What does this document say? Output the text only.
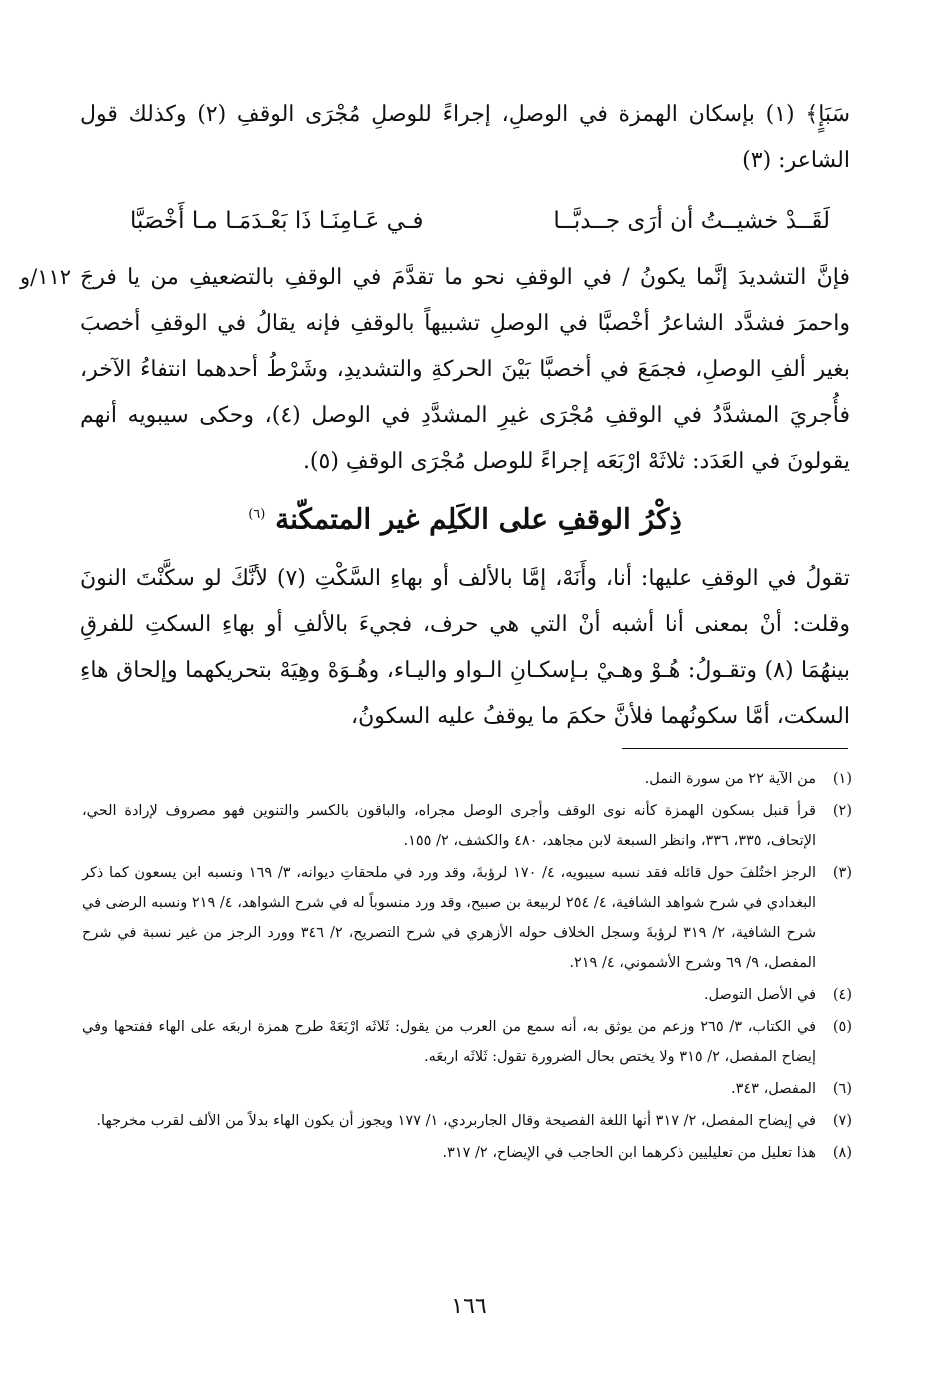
سَبَإٍ﴾ (١) بإسكان الهمزة في الوصلِ، إجراءً للوصلِ مُجْرَى الوقفِ (٢) وكذلك قول الشاعر: (٣)

لَقَــدْ خشيــتُ أن أرَى جــدبَّــا
فـي عَـامِنَـا ذَا بَعْـدَمَـا مـا أَخْصَبَّا
١١٢/و فإنَّ التشديدَ إنَّما يكونُ / في الوقفِ نحو ما تقدَّمَ في الوقفِ بالتضعيفِ من يا فرجَ واحمرَ فشدَّد الشاعرُ أخْصبَّا في الوصلِ تشبيهاً بالوقفِ فإنه يقالُ في الوقفِ أخصبَ بغير ألفِ الوصلِ، فجمَعَ في أخصبَّا بَيْنَ الحركةِ والتشديدِ، وشَرْطُ أحدهما انتفاءُ الآخر، فأُجريَ المشدَّدُ في الوقفِ مُجْرَى غيرِ المشدَّدِ في الوصل (٤)، وحكى سيبويه أنهم يقولونَ في العَدَد: ثلاثَهْ ارْبَعَه إجراءً للوصل مُجْرَى الوقفِ (٥).

ذِكْرُ الوقفِ على الكَلِم غير المتمكّنة $^{(٦)}$

تقولُ في الوقفِ عليها: أنا، وأَنَهْ، إمَّا بالألف أو بهاءِ السَّكْتِ (٧) لأنَّكَ لو سكَّنْتَ النونَ وقلت: أنْ بمعنى أنا أشبه أنْ التي هي حرف، فجيءَ بالألفِ أو بهاءِ السكتِ للفرقِ بينهُمَا (٨) وتقـولُ: هُـوْ وهـيْ بـإسكـانِ الـواو واليـاء، وهُـوَهْ وهِيَهْ بتحريكهما وإلحاق هاءِ السكت، أمَّا سكونُهما فلأنَّ حكمَ ما يوقفُ عليه السكونُ،

(١)
من الآية ٢٢ من سورة النمل.
(٢)
قرأ قنبل بسكون الهمزة كأنه نوى الوقف وأجرى الوصل مجراه، والباقون بالكسر والتنوين فهو مصروف لإرادة الحي، الإتحاف، ٣٣٥، ٣٣٦، وانظر السبعة لابن مجاهد، ٤٨٠ والكشف، ٢/ ١٥٥.
(٣)
الرجز اختُلفَ حول قائله فقد نسبه سيبويه، ٤/ ١٧٠ لرؤبةَ، وقد ورد في ملحقاتِ ديوانه، ٣/ ١٦٩ ونسبه ابن يسعون كما ذكر البغدادي في شرح شواهد الشافية، ٤/ ٢٥٤ لربيعة بن صبيح، وقد ورد منسوباً له في شرح الشواهد، ٤/ ٢١٩ ونسبه الرضى في شرح الشافية، ٢/ ٣١٩ لرؤبةَ وسجل الخلاف حوله الأزهري في شرح التصريح، ٢/ ٣٤٦ وورد الرجز من غير نسبة في شرح المفصل، ٩/ ٦٩ وشرح الأشموني، ٤/ ٢١٩.
(٤)
في الأصل التوصل.
(٥)
في الكتاب، ٣/ ٢٦٥ وزعم من يوثق به، أنه سمع من العرب من يقول: ثَلاثَه ارْبَعَهْ طرح همزة اربعَه على الهاء ففتحها وفي إيضاح المفصل، ٢/ ٣١٥ ولا يختص بحال الضرورة تقول: ثَلاثَه اربعَه.
(٦)
المفصل، ٣٤٣.
(٧)
في إيضاح المفصل، ٢/ ٣١٧ أنها اللغة الفصيحة وقال الجاربردي، ١/ ١٧٧ ويجوز أن يكون الهاء بدلاً من الألف لقرب مخرجها.
(٨)
هذا تعليل من تعليليين ذكرهما ابن الحاجب في الإيضاح، ٢/ ٣١٧.
١٦٦
